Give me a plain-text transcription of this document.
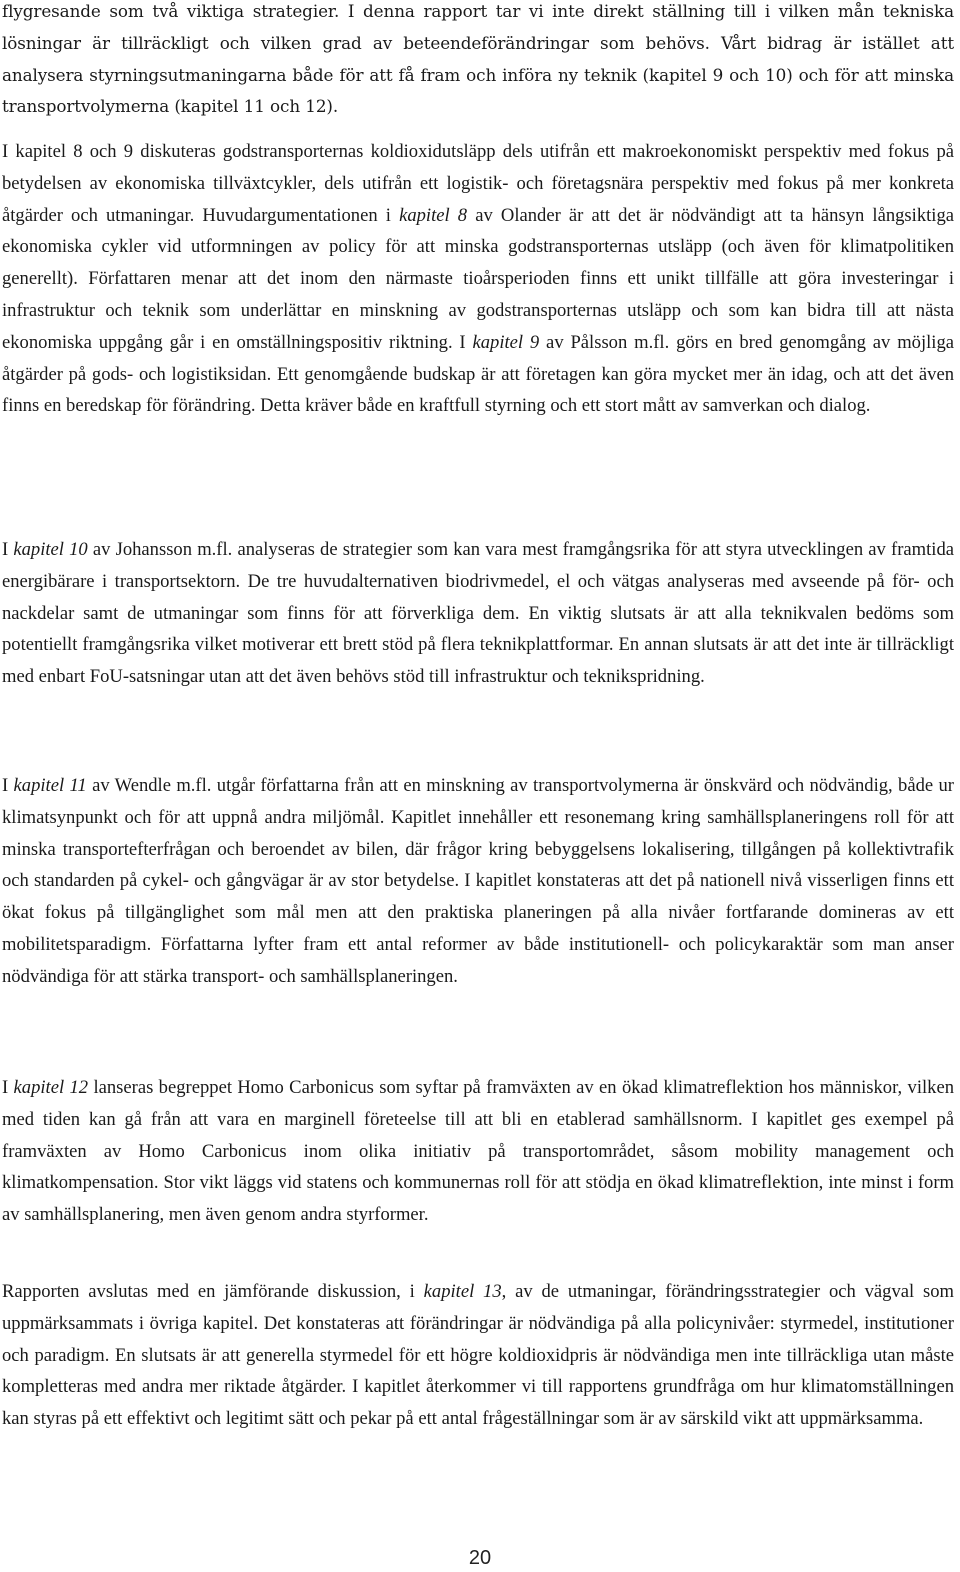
flygresande som två viktiga strategier. I denna rapport tar vi inte direkt ställning till i vilken mån tekniska lösningar är tillräckligt och vilken grad av beteendeförändringar som behövs. Vårt bidrag är istället att analysera styrningsutmaningarna både för att få fram och införa ny teknik (kapitel 9 och 10) och för att minska transportvolymerna (kapitel 11 och 12).

I kapitel 8 och 9 diskuteras godstransporternas koldioxidutsläpp dels utifrån ett makroekonomiskt perspektiv med fokus på betydelsen av ekonomiska tillväxtcykler, dels utifrån ett logistik- och företagsnära perspektiv med fokus på mer konkreta åtgärder och utmaningar. Huvudargumentationen i kapitel 8 av Olander är att det är nödvändigt att ta hänsyn långsiktiga ekonomiska cykler vid utformningen av policy för att minska godstransporternas utsläpp (och även för klimatpolitiken generellt). Författaren menar att det inom den närmaste tioårsperioden finns ett unikt tillfälle att göra investeringar i infrastruktur och teknik som underlättar en minskning av godstransporternas utsläpp och som kan bidra till att nästa ekonomiska uppgång går i en omställningspositiv riktning. I kapitel 9 av Pålsson m.fl. görs en bred genomgång av möjliga åtgärder på gods- och logistiksidan. Ett genomgående budskap är att företagen kan göra mycket mer än idag, och att det även finns en beredskap för förändring. Detta kräver både en kraftfull styrning och ett stort mått av samverkan och dialog.

I kapitel 10 av Johansson m.fl. analyseras de strategier som kan vara mest framgångsrika för att styra utvecklingen av framtida energibärare i transportsektorn. De tre huvudalternativen biodrivmedel, el och vätgas analyseras med avseende på för- och nackdelar samt de utmaningar som finns för att förverkliga dem. En viktig slutsats är att alla teknikvalen bedöms som potentiellt framgångsrika vilket motiverar ett brett stöd på flera teknikplattformar. En annan slutsats är att det inte är tillräckligt med enbart FoU-satsningar utan att det även behövs stöd till infrastruktur och teknikspridning.

I kapitel 11 av Wendle m.fl. utgår författarna från att en minskning av transportvolymerna är önskvärd och nödvändig, både ur klimatsynpunkt och för att uppnå andra miljömål. Kapitlet innehåller ett resonemang kring samhällsplaneringens roll för att minska transportefterfrågan och beroendet av bilen, där frågor kring bebyggelsens lokalisering, tillgången på kollektivtrafik och standarden på cykel- och gångvägar är av stor betydelse. I kapitlet konstateras att det på nationell nivå visserligen finns ett ökat fokus på tillgänglighet som mål men att den praktiska planeringen på alla nivåer fortfarande domineras av ett mobilitetsparadigm. Författarna lyfter fram ett antal reformer av både institutionell- och policykaraktär som man anser nödvändiga för att stärka transport- och samhällsplaneringen.

I kapitel 12 lanseras begreppet Homo Carbonicus som syftar på framväxten av en ökad klimatreflektion hos människor, vilken med tiden kan gå från att vara en marginell företeelse till att bli en etablerad samhällsnorm. I kapitlet ges exempel på framväxten av Homo Carbonicus inom olika initiativ på transportområdet, såsom mobility management och klimatkompensation. Stor vikt läggs vid statens och kommunernas roll för att stödja en ökad klimatreflektion, inte minst i form av samhällsplanering, men även genom andra styrformer.

Rapporten avslutas med en jämförande diskussion, i kapitel 13, av de utmaningar, förändringsstrategier och vägval som uppmärksammats i övriga kapitel. Det konstateras att förändringar är nödvändiga på alla policynivåer: styrmedel, institutioner och paradigm. En slutsats är att generella styrmedel för ett högre koldioxidpris är nödvändiga men inte tillräckliga utan måste kompletteras med andra mer riktade åtgärder. I kapitlet återkommer vi till rapportens grundfråga om hur klimatomställningen kan styras på ett effektivt och legitimt sätt och pekar på ett antal frågeställningar som är av särskild vikt att uppmärksamma.

20
